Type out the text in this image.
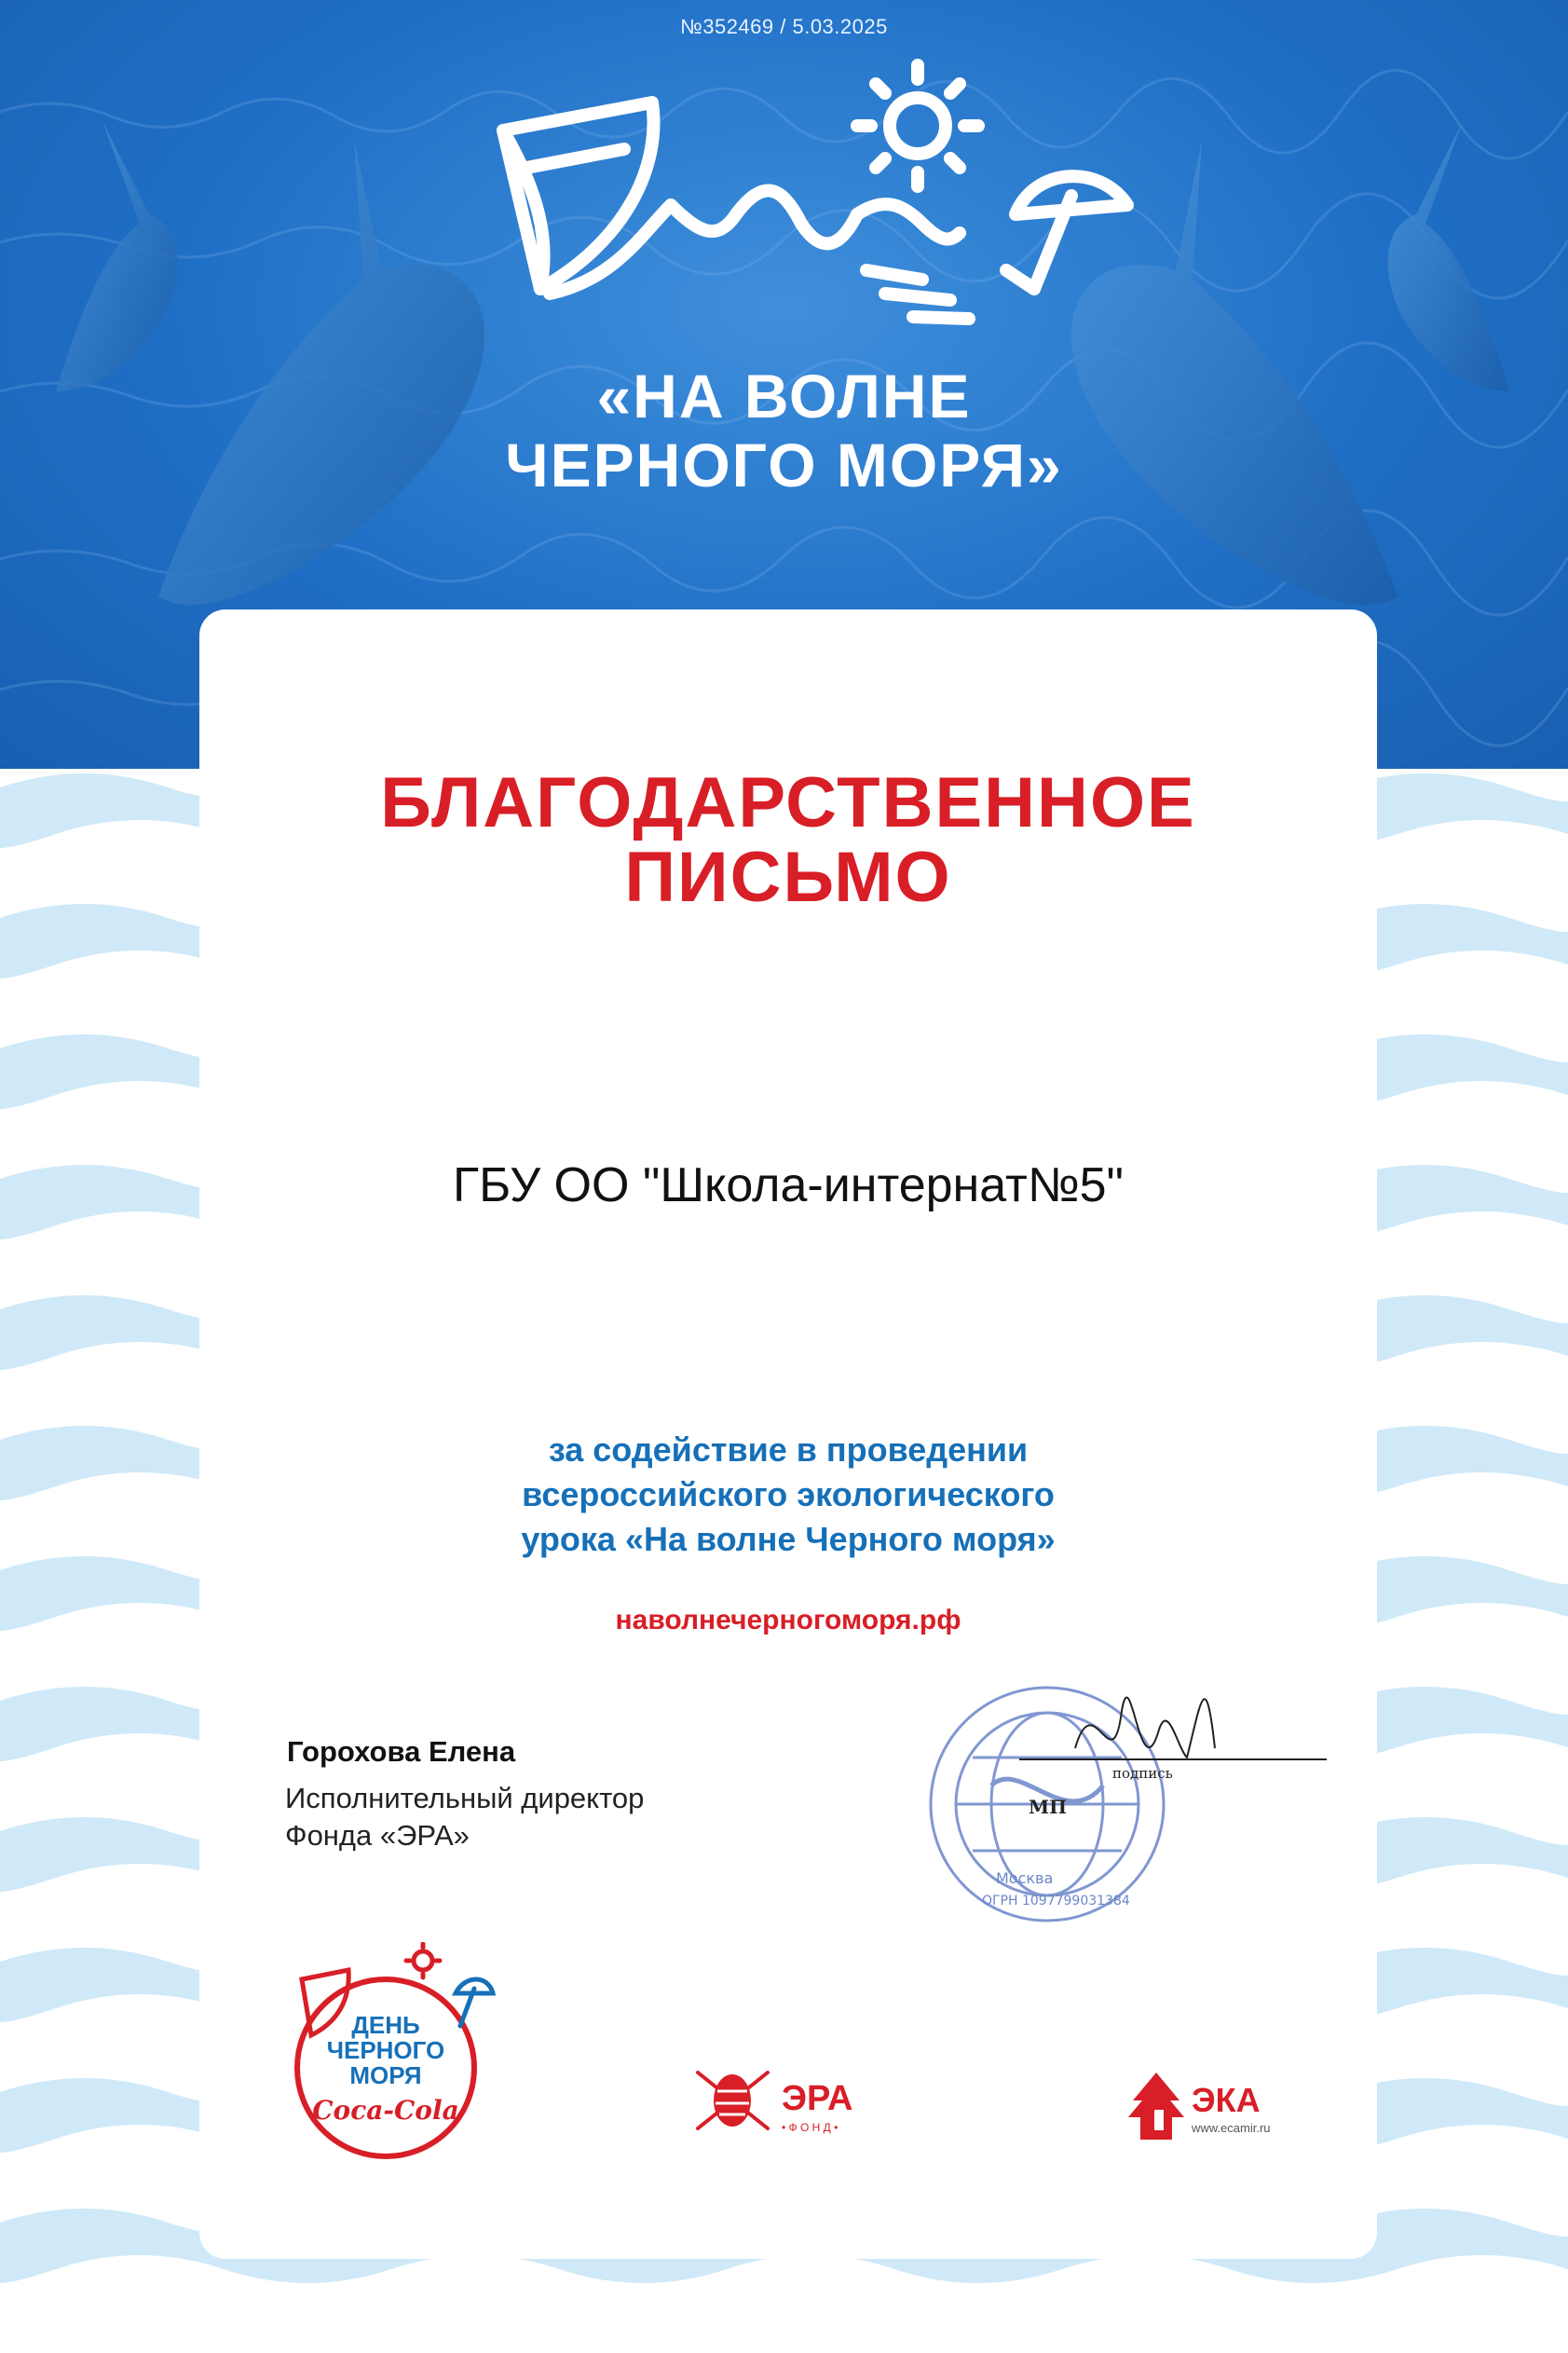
№352469 / 5.03.2025
«НА ВОЛНЕ
ЧЕРНОГО МОРЯ»
БЛАГОДАРСТВЕННОЕ
ПИСЬМО
ГБУ ОО "Школа-интернат№5"
за содействие в проведении
всероссийского экологического
урока «На волне Черного моря»
наволнечерногоморя.рф
Горохова Елена
Исполнительный директор
Фонда «ЭРА»
МП
Москва
ОГРН 1097799031384
подпись
ДЕНЬ
ЧЕРНОГО
МОРЯ
Coca-Cola	ЭРА
• Ф О Н Д •
ЭКА
www.ecamir.ru
